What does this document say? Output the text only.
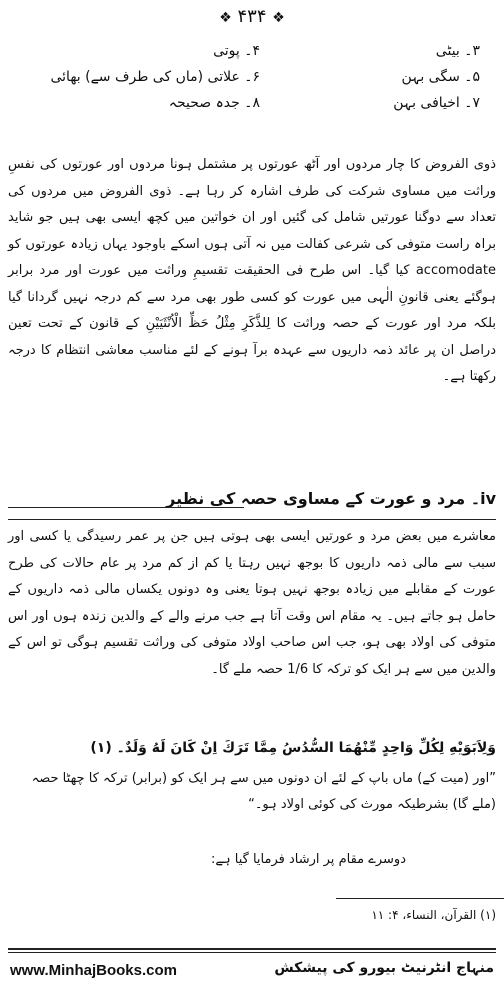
❖ ۴۳۴ ❖
۳۔ بیٹی
۴۔ پوتی
۵۔ سگی بہن
۶۔ علاتی (ماں کی طرف سے) بھائی
۷۔ اخیافی بہن
۸۔ جدہ صحیحہ
ذوی الفروض کا چار مردوں اور آٹھ عورتوں پر مشتمل ہونا مردوں اور عورتوں کی نفسِ وراثت میں مساوی شرکت کی طرف اشارہ کر رہا ہے۔ ذوی الفروض میں مردوں کی تعداد سے دوگنا عورتیں شامل کی گئیں اور ان خواتین میں کچھ ایسی بھی ہیں جو شاید براہ راست متوفی کی شرعی کفالت میں نہ آتی ہوں اسکے باوجود یہاں زیادہ عورتوں کو accomodate کیا گیا۔ اس طرح فی الحقیقت تقسیمِ وراثت میں عورت اور مرد برابر ہوگئے یعنی قانونِ الٰہی میں عورت کو کسی طور بھی مرد سے کم درجہ نہیں گردانا گیا بلکہ مرد اور عورت کے حصہ وراثت کا لِلذَّکَرِ مِثْلُ حَظِّ الْاُنْثَیَیْنِ کے قانون کے تحت تعین دراصل ان پر عائد ذمہ داریوں سے عہدہ برآ ہونے کے لئے مناسب معاشی انتظام کا درجہ رکھتا ہے۔
iv۔ مرد و عورت کے مساوی حصہ کی نظیر
معاشرے میں بعض مرد و عورتیں ایسی بھی ہوتی ہیں جن پر عمر رسیدگی یا کسی اور سبب سے مالی ذمہ داریوں کا بوجھ نہیں رہتا یا کم از کم مرد پر عام حالات کی طرح عورت کے مقابلے میں زیادہ بوجھ نہیں ہوتا یعنی وہ دونوں یکساں مالی ذمہ داریوں کے حامل ہو جاتے ہیں۔ یہ مقام اس وقت آتا ہے جب مرنے والے کے والدین زندہ ہوں اور اس متوفی کی اولاد بھی ہو، جب اس صاحب اولاد متوفی کی وراثت تقسیم ہوگی تو اس کے والدین میں سے ہر ایک کو ترکہ کا 1/6 حصہ ملے گا۔
وَلِاَبَوَیْهِ لِكُلِّ وَاحِدٍ مِّنْهُمَا السُّدُسُ مِمَّا تَرَكَ اِنْ كَانَ لَهُ وَلَدٌ۔ (۱)
”اور (میت کے) ماں باپ کے لئے ان دونوں میں سے ہر ایک کو (برابر) ترکہ کا چھٹا حصہ (ملے گا) بشرطیکہ مورث کی کوئی اولاد ہو۔“
دوسرے مقام پر ارشاد فرمایا گیا ہے:
(۱) القرآن، النساء، ۴: ۱۱
www.MinhajBooks.com	منہاج انٹرنیٹ بیورو کی پیشکش
